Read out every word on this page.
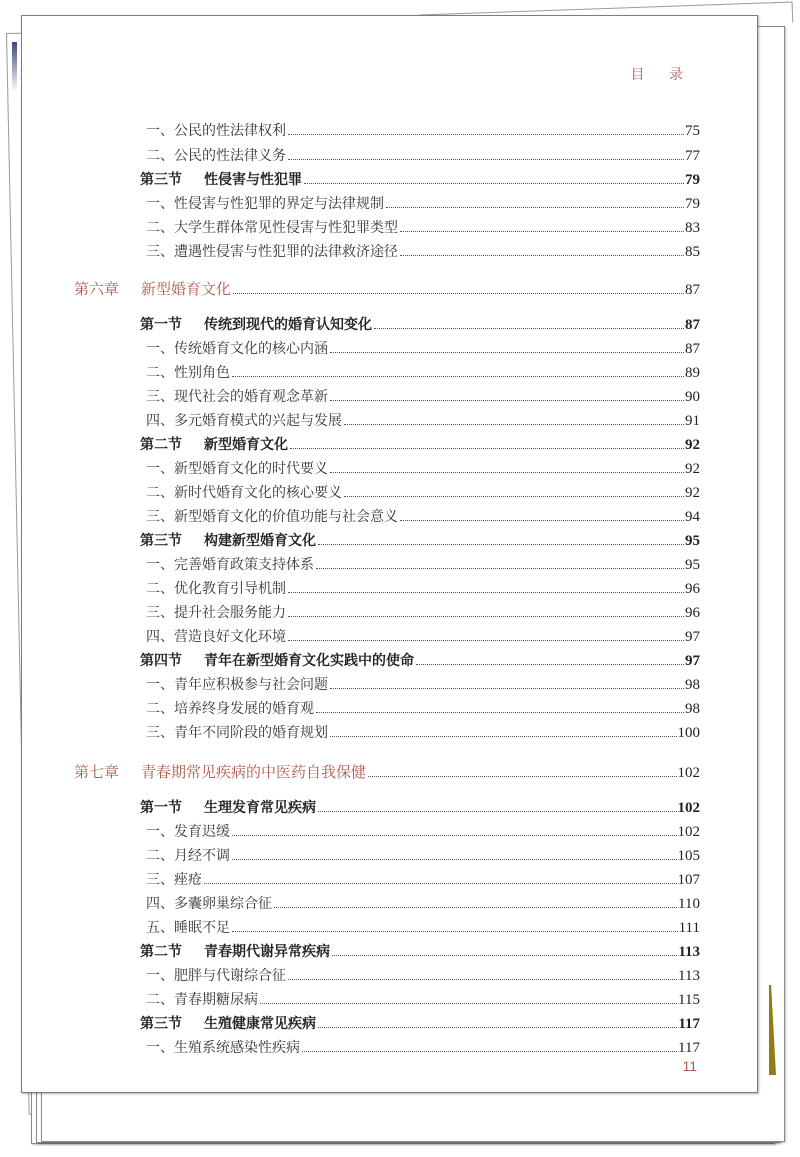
目 录
一、公民的性法律权利	75
二、公民的性法律义务	77
第三节 性侵害与性犯罪	79
一、性侵害与性犯罪的界定与法律规制	79
二、大学生群体常见性侵害与性犯罪类型	83
三、遭遇性侵害与性犯罪的法律救济途径	85
第六章 新型婚育文化	87
第一节 传统到现代的婚育认知变化	87
一、传统婚育文化的核心内涵	87
二、性别角色	89
三、现代社会的婚育观念革新	90
四、多元婚育模式的兴起与发展	91
第二节 新型婚育文化	92
一、新型婚育文化的时代要义	92
二、新时代婚育文化的核心要义	92
三、新型婚育文化的价值功能与社会意义	94
第三节 构建新型婚育文化	95
一、完善婚育政策支持体系	95
二、优化教育引导机制	96
三、提升社会服务能力	96
四、营造良好文化环境	97
第四节 青年在新型婚育文化实践中的使命	97
一、青年应积极参与社会问题	98
二、培养终身发展的婚育观	98
三、青年不同阶段的婚育规划	100
第七章 青春期常见疾病的中医药自我保健	102
第一节 生理发育常见疾病	102
一、发育迟缓	102
二、月经不调	105
三、痤疮	107
四、多囊卵巢综合征	110
五、睡眠不足	111
第二节 青春期代谢异常疾病	113
一、肥胖与代谢综合征	113
二、青春期糖尿病	115
第三节 生殖健康常见疾病	117
一、生殖系统感染性疾病	117
11
